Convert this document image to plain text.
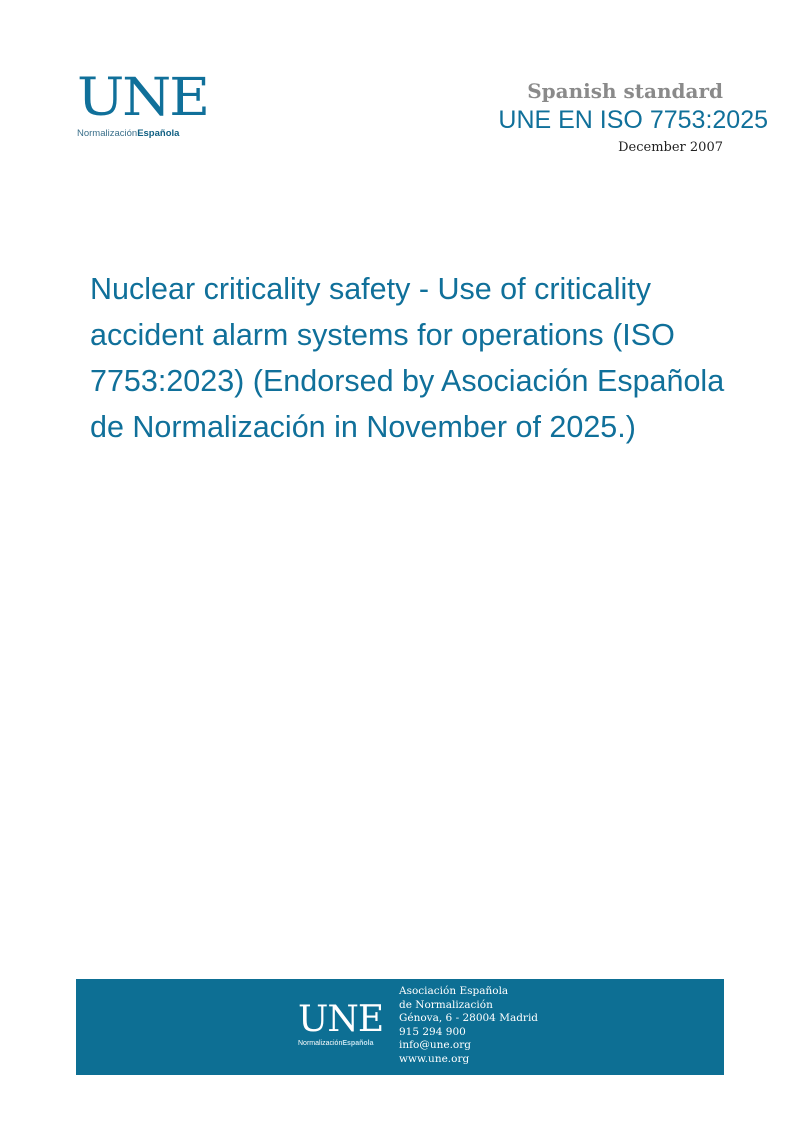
UNE
NormalizaciónEspañola
Spanish standard
UNE EN ISO 7753:2025
December 2007
Nuclear criticality safety - Use of criticality accident alarm systems for operations (ISO 7753:2023) (Endorsed by Asociación Española de Normalización in November of 2025.)
UNE
NormalizaciónEspañola
Asociación Española
de Normalización
Génova, 6 - 28004 Madrid
915 294 900
info@une.org
www.une.org
